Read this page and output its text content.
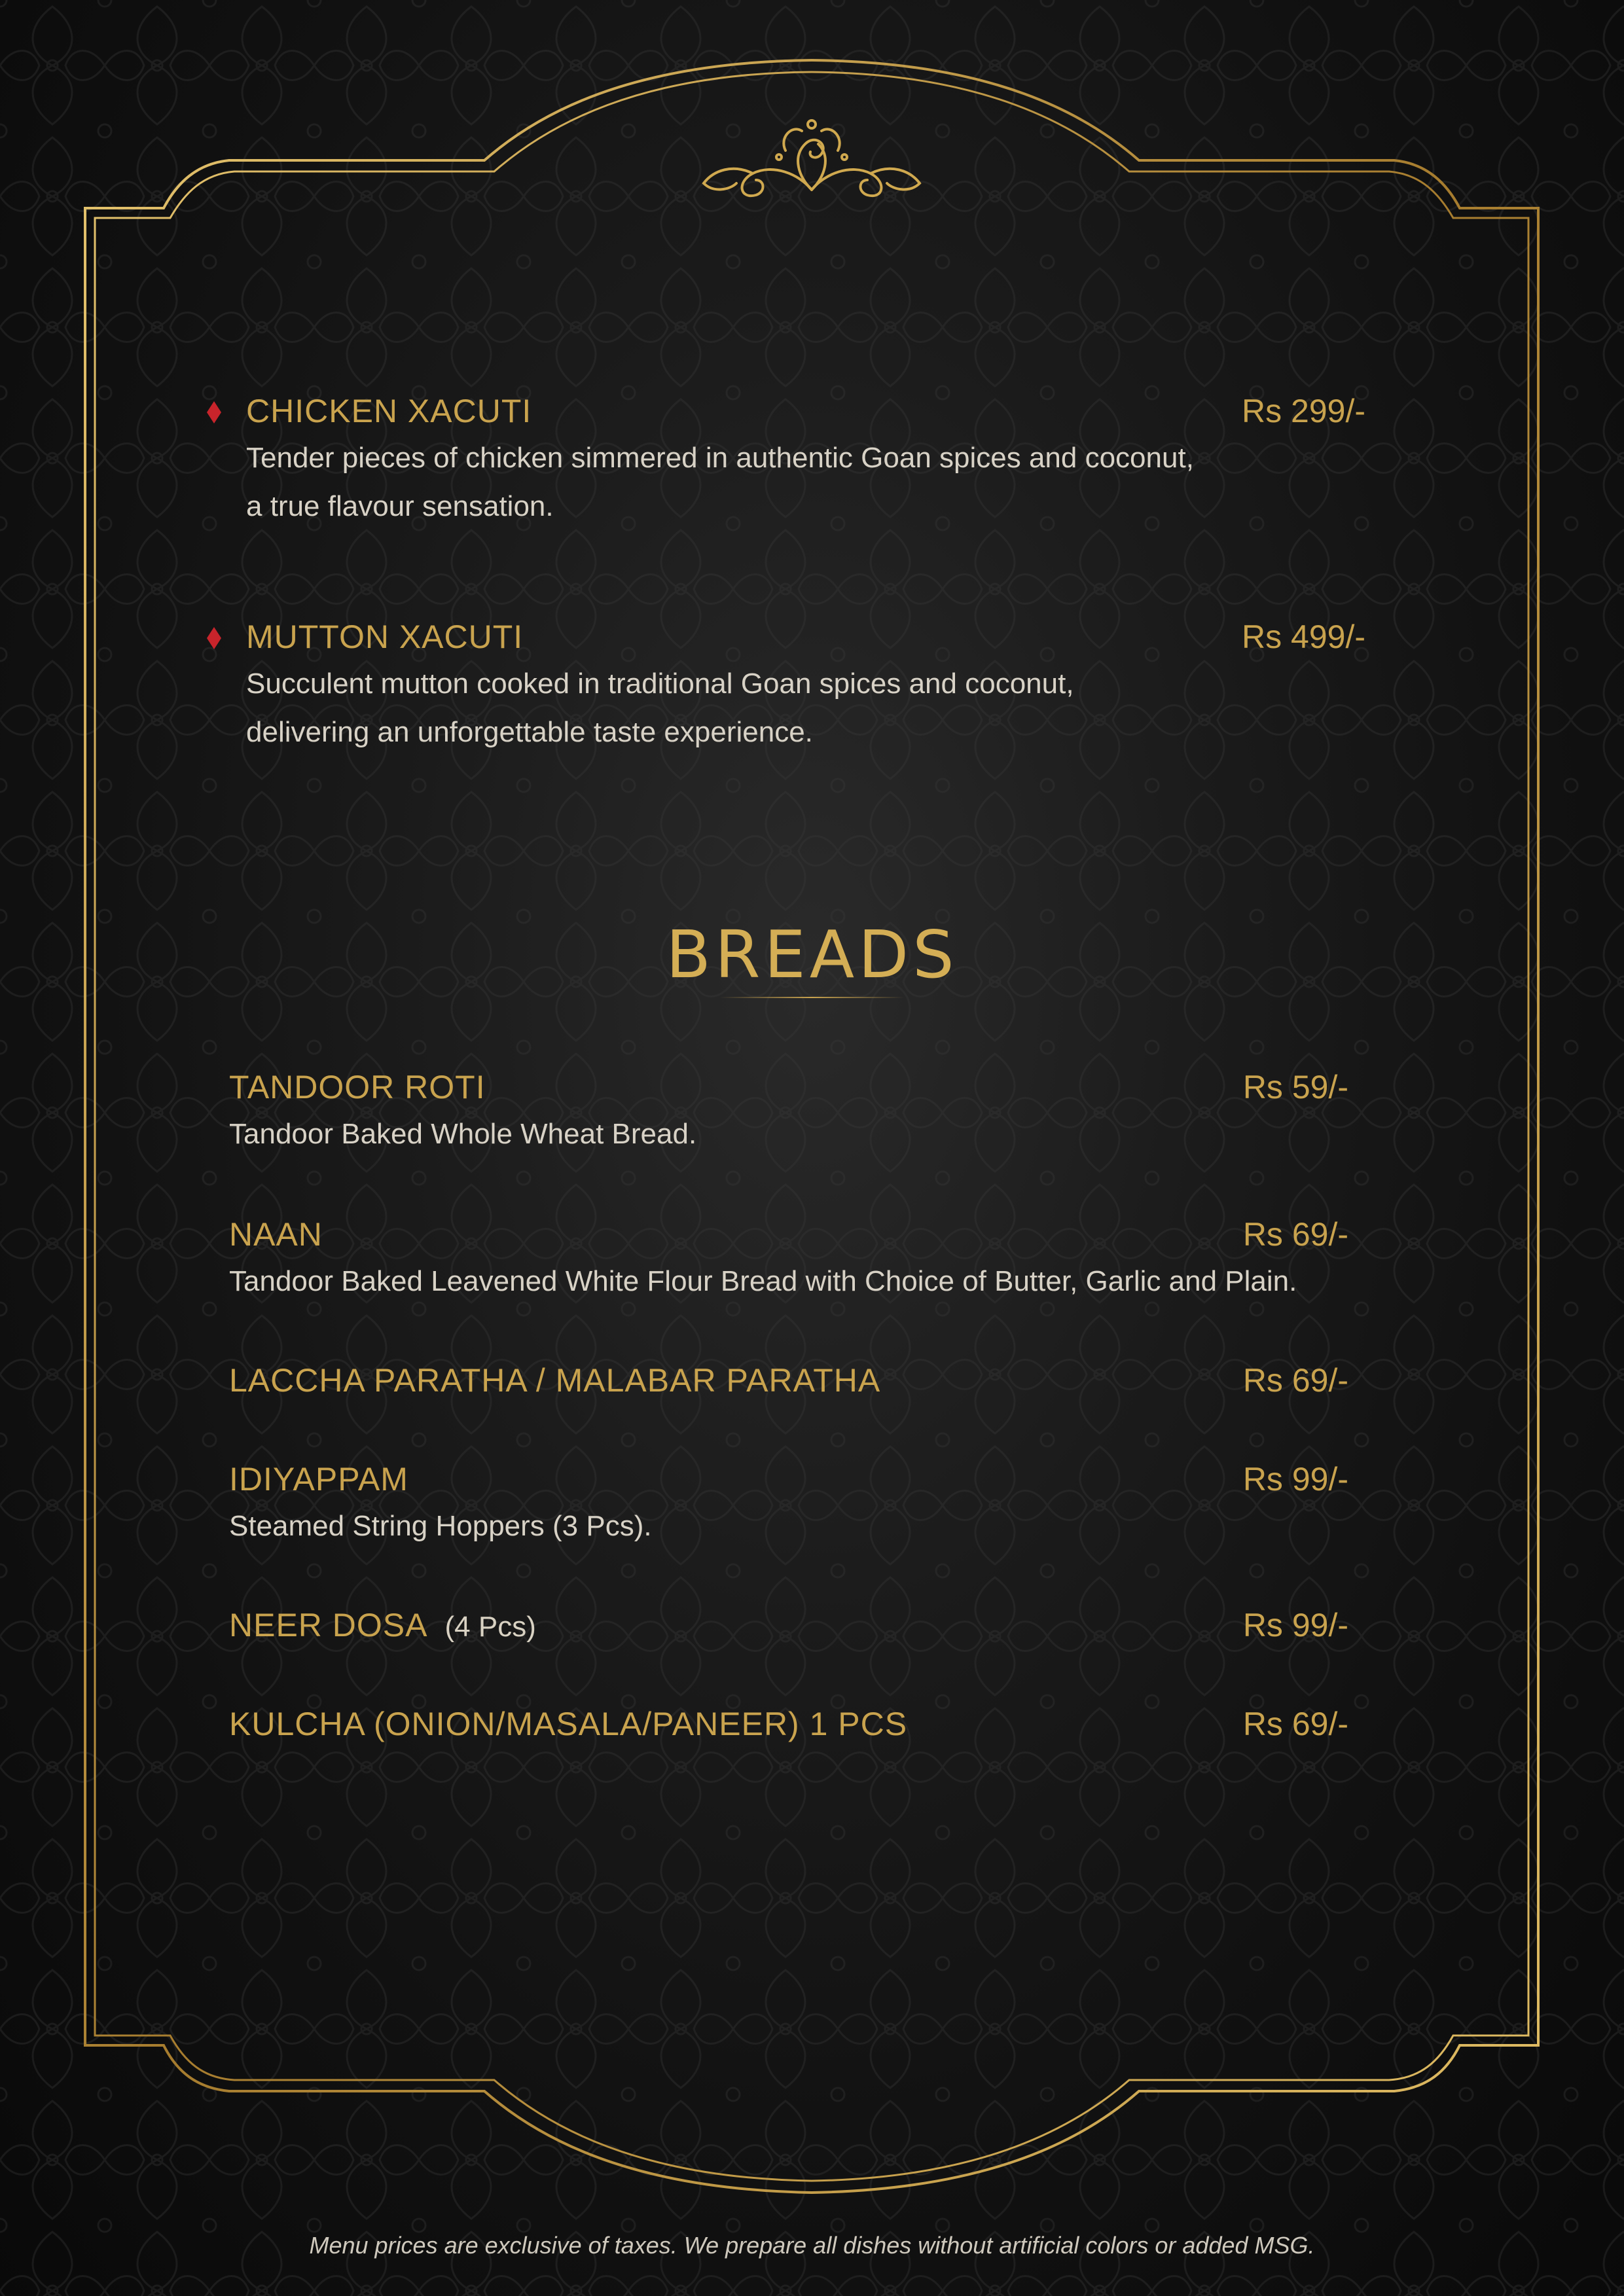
CHICKEN XACUTI	Rs 299/-
Tender pieces of chicken simmered in authentic Goan spices and coconut,
a true flavour sensation.
MUTTON XACUTI	Rs 499/-
Succulent mutton cooked in traditional Goan spices and coconut,
delivering an unforgettable taste experience.
BREADS
TANDOOR ROTI	Rs 59/-
Tandoor Baked Whole Wheat Bread.
NAAN	Rs 69/-
Tandoor Baked Leavened White Flour Bread with Choice of Butter, Garlic and Plain.
LACCHA PARATHA / MALABAR PARATHA	Rs 69/-
IDIYAPPAM	Rs 99/-
Steamed String Hoppers (3 Pcs).
NEER DOSA (4 Pcs)	Rs 99/-
KULCHA (ONION/MASALA/PANEER) 1 PCS	Rs 69/-
Menu prices are exclusive of taxes. We prepare all dishes without artificial colors or added MSG.
